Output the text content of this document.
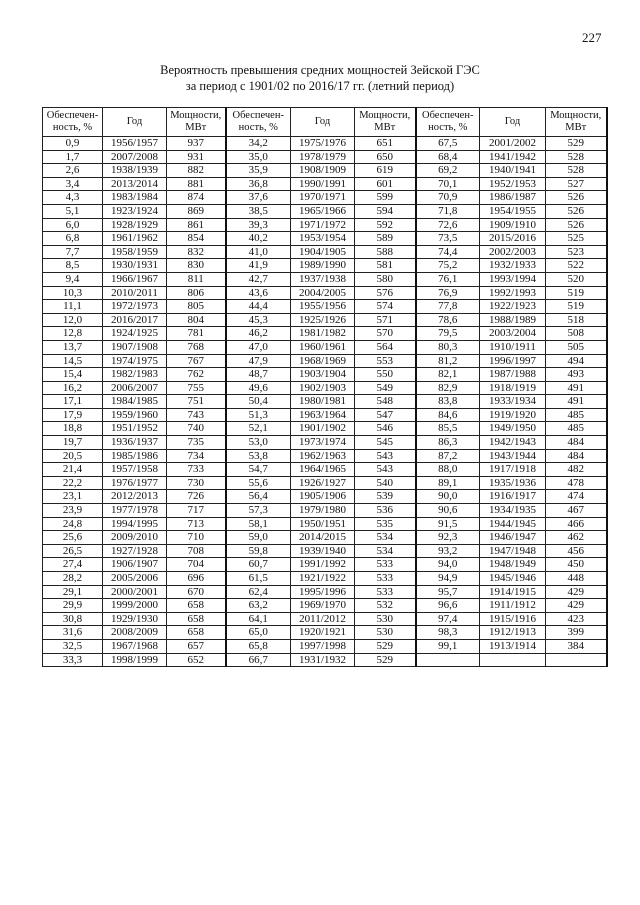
227
Вероятность превышения средних мощностей Зейской ГЭС
за период с 1901/02 по 2016/17 гг. (летний период)
Обеспечен-ность, %	Год	Мощности, МВт	Обеспечен-ность, %	Год	Мощности, МВт	Обеспечен-ность, %	Год	Мощности, МВт
0,9	1956/1957	937	34,2	1975/1976	651	67,5	2001/2002	529
1,7	2007/2008	931	35,0	1978/1979	650	68,4	1941/1942	528
2,6	1938/1939	882	35,9	1908/1909	619	69,2	1940/1941	528
3,4	2013/2014	881	36,8	1990/1991	601	70,1	1952/1953	527
4,3	1983/1984	874	37,6	1970/1971	599	70,9	1986/1987	526
5,1	1923/1924	869	38,5	1965/1966	594	71,8	1954/1955	526
6,0	1928/1929	861	39,3	1971/1972	592	72,6	1909/1910	526
6,8	1961/1962	854	40,2	1953/1954	589	73,5	2015/2016	525
7,7	1958/1959	832	41,0	1904/1905	588	74,4	2002/2003	523
8,5	1930/1931	830	41,9	1989/1990	581	75,2	1932/1933	522
9,4	1966/1967	811	42,7	1937/1938	580	76,1	1993/1994	520
10,3	2010/2011	806	43,6	2004/2005	576	76,9	1992/1993	519
11,1	1972/1973	805	44,4	1955/1956	574	77,8	1922/1923	519
12,0	2016/2017	804	45,3	1925/1926	571	78,6	1988/1989	518
12,8	1924/1925	781	46,2	1981/1982	570	79,5	2003/2004	508
13,7	1907/1908	768	47,0	1960/1961	564	80,3	1910/1911	505
14,5	1974/1975	767	47,9	1968/1969	553	81,2	1996/1997	494
15,4	1982/1983	762	48,7	1903/1904	550	82,1	1987/1988	493
16,2	2006/2007	755	49,6	1902/1903	549	82,9	1918/1919	491
17,1	1984/1985	751	50,4	1980/1981	548	83,8	1933/1934	491
17,9	1959/1960	743	51,3	1963/1964	547	84,6	1919/1920	485
18,8	1951/1952	740	52,1	1901/1902	546	85,5	1949/1950	485
19,7	1936/1937	735	53,0	1973/1974	545	86,3	1942/1943	484
20,5	1985/1986	734	53,8	1962/1963	543	87,2	1943/1944	484
21,4	1957/1958	733	54,7	1964/1965	543	88,0	1917/1918	482
22,2	1976/1977	730	55,6	1926/1927	540	89,1	1935/1936	478
23,1	2012/2013	726	56,4	1905/1906	539	90,0	1916/1917	474
23,9	1977/1978	717	57,3	1979/1980	536	90,6	1934/1935	467
24,8	1994/1995	713	58,1	1950/1951	535	91,5	1944/1945	466
25,6	2009/2010	710	59,0	2014/2015	534	92,3	1946/1947	462
26,5	1927/1928	708	59,8	1939/1940	534	93,2	1947/1948	456
27,4	1906/1907	704	60,7	1991/1992	533	94,0	1948/1949	450
28,2	2005/2006	696	61,5	1921/1922	533	94,9	1945/1946	448
29,1	2000/2001	670	62,4	1995/1996	533	95,7	1914/1915	429
29,9	1999/2000	658	63,2	1969/1970	532	96,6	1911/1912	429
30,8	1929/1930	658	64,1	2011/2012	530	97,4	1915/1916	423
31,6	2008/2009	658	65,0	1920/1921	530	98,3	1912/1913	399
32,5	1967/1968	657	65,8	1997/1998	529	99,1	1913/1914	384
33,3	1998/1999	652	66,7	1931/1932	529			
